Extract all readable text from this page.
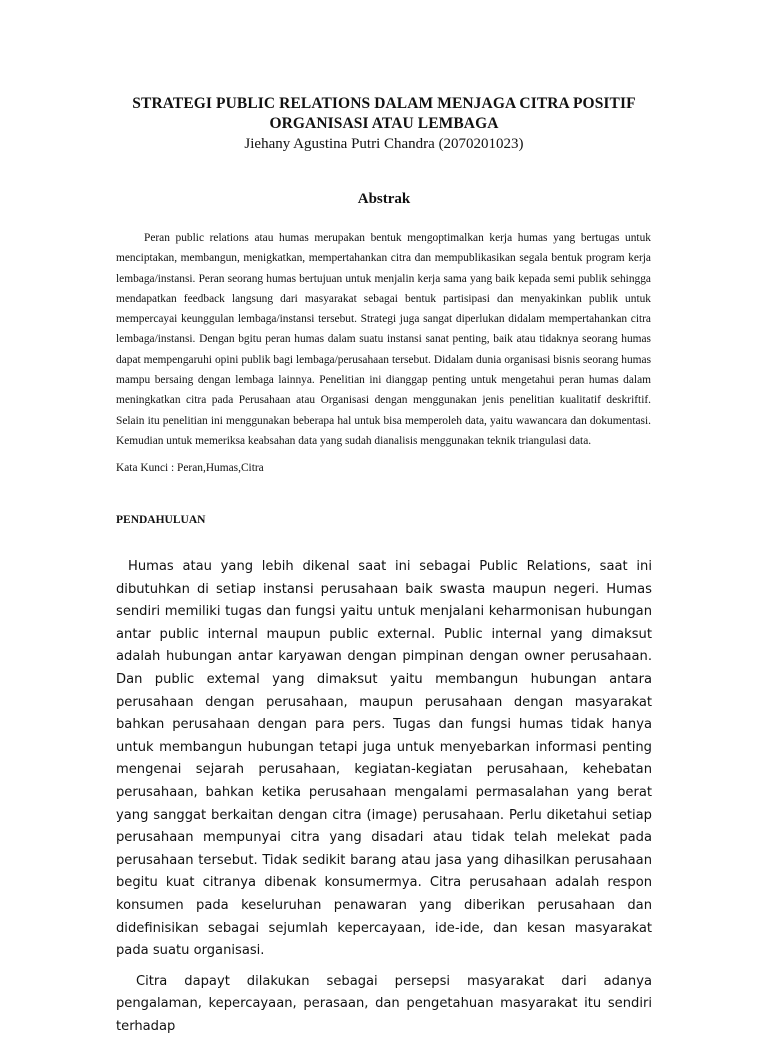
STRATEGI PUBLIC RELATIONS DALAM MENJAGA CITRA POSITIF

ORGANISASI ATAU LEMBAGA

Jiehany Agustina Putri Chandra (2070201023)

Abstrak

Peran public relations atau humas merupakan bentuk mengoptimalkan kerja humas yang bertugas untuk menciptakan, membangun, menigkatkan, mempertahankan citra dan mempublikasikan segala bentuk program kerja lembaga/instansi. Peran seorang humas bertujuan untuk menjalin kerja sama yang baik kepada semi publik sehingga mendapatkan feedback langsung dari masyarakat sebagai bentuk partisipasi dan menyakinkan publik untuk mempercayai keunggulan lembaga/instansi tersebut. Strategi juga sangat diperlukan didalam mempertahankan citra lembaga/instansi. Dengan bgitu peran humas dalam suatu instansi sanat penting, baik atau tidaknya seorang humas dapat mempengaruhi opini publik bagi lembaga/perusahaan tersebut. Didalam dunia organisasi bisnis seorang humas mampu bersaing dengan lembaga lainnya. Penelitian ini dianggap penting untuk mengetahui peran humas dalam meningkatkan citra pada Perusahaan atau Organisasi dengan menggunakan jenis penelitian kualitatif deskriftif. Selain itu penelitian ini menggunakan beberapa hal untuk bisa memperoleh data, yaitu wawancara dan dokumentasi. Kemudian untuk memeriksa keabsahan data yang sudah dianalisis menggunakan teknik triangulasi data.

Kata Kunci : Peran,Humas,Citra

PENDAHULUAN

Humas atau yang lebih dikenal saat ini sebagai Public Relations, saat ini dibutuhkan di setiap instansi perusahaan baik swasta maupun negeri. Humas sendiri memiliki tugas dan fungsi yaitu untuk menjalani keharmonisan hubungan antar public internal maupun public external. Public internal yang dimaksut adalah hubungan antar karyawan dengan pimpinan dengan owner perusahaan. Dan public extemal yang dimaksut yaitu membangun hubungan antara perusahaan dengan perusahaan, maupun perusahaan dengan masyarakat bahkan perusahaan dengan para pers. Tugas dan fungsi humas tidak hanya untuk membangun hubungan tetapi juga untuk menyebarkan informasi penting mengenai sejarah perusahaan, kegiatan-kegiatan perusahaan, kehebatan perusahaan, bahkan ketika perusahaan mengalami permasalahan yang berat yang sanggat berkaitan dengan citra (image) perusahaan. Perlu diketahui setiap perusahaan mempunyai citra yang disadari atau tidak telah melekat pada perusahaan tersebut. Tidak sedikit barang atau jasa yang dihasilkan perusahaan begitu kuat citranya dibenak konsumermya. Citra perusahaan adalah respon konsumen pada keseluruhan penawaran yang diberikan perusahaan dan didefinisikan sebagai sejumlah kepercayaan, ide-ide, dan kesan masyarakat pada suatu organisasi.

Citra dapayt dilakukan sebagai persepsi masyarakat dari adanya pengalaman, kepercayaan, perasaan, dan pengetahuan masyarakat itu sendiri terhadap
